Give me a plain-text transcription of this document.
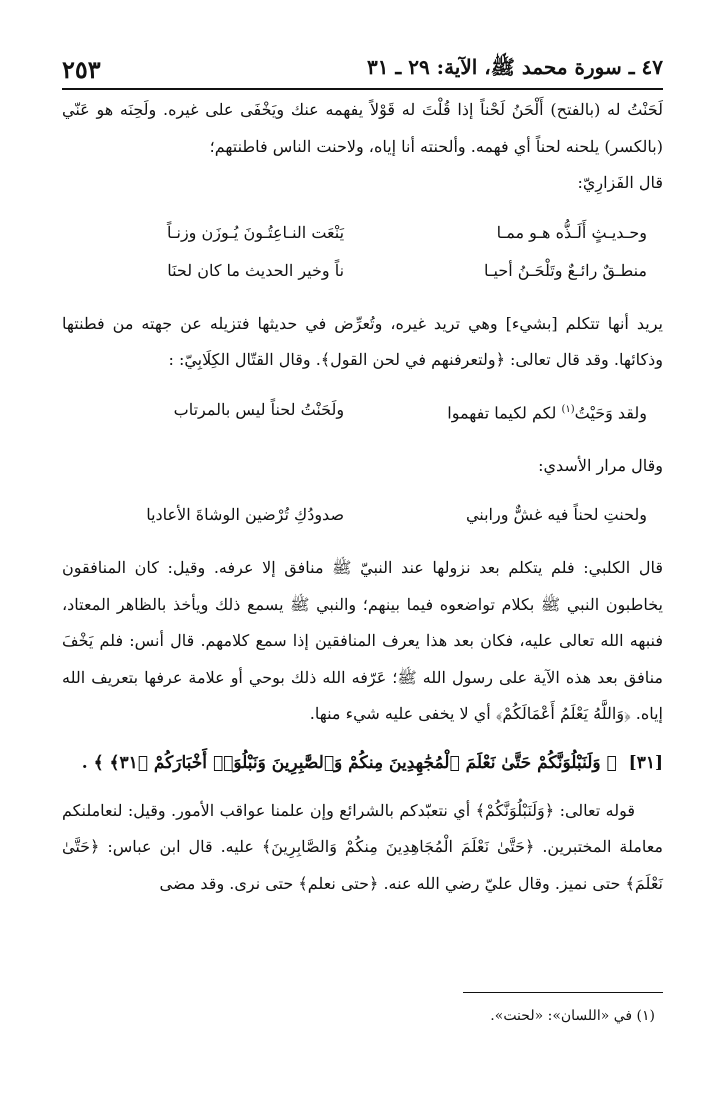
٤٧ ـ سورة محمد ﷺ، الآية: ٢٩ ـ ٣١
٢٥٣

لَحَنْتُ له (بالفتح) أَلْحَنُ لَحْناً إذا قُلْتَ له قَوْلاً يفهمه عنك ويَخْفَى على غيره. ولَحِنَه هو عَنّي (بالكسر) يلحنه لحناً أي فهمه. وألحنته أنا إياه، ولاحنت الناس فاطنتهم؛

قال الفَزارِيّ:

وحـديـثٍ أَلَـذُّه هـو ممـا
يَنْعَت النـاعِتُـونَ يُـوزَن وزنـاً
منطـقٌ رائـعٌ وتَلْحَـنُ أحيـا
ناً وخير الحديث ما كان لحنَا

يريد أنها تتكلم [بشيء] وهي تريد غيره، وتُعرِّض في حديثها فتزيله عن جهته من فطنتها وذكائها. وقد قال تعالى: ﴿ولتعرفنهم في لحن القول﴾. وقال القتّال الكِلَابِيّ: :

ولقد وَحَيْتُ$^{(١)}$ لكم لكيما تفهموا
ولَحَنْتُ لحناً ليس بالمرتاب

وقال مرار الأسدي:

ولحنتِ لحناً فيه غشٌّ ورابني
صدودُكِ تُرْضين الوشاةَ الأعاديا

قال الكلبي: فلم يتكلم بعد نزولها عند النبيّ ﷺ منافق إلا عرفه. وقيل: كان المنافقون يخاطبون النبي ﷺ بكلام تواضعوه فيما بينهم؛ والنبي ﷺ يسمع ذلك ويأخذ بالظاهر المعتاد، فنبهه الله تعالى عليه، فكان بعد هذا يعرف المنافقين إذا سمع كلامهم. قال أنس: فلم يَخْفَ منافق بعد هذه الآية على رسول الله ﷺ؛ عَرّفه الله ذلك بوحي أو علامة عرفها بتعريف الله إياه. ﴿وَاللَّهُ يَعْلَمُ أَعْمَالَكُمْ﴾ أي لا يخفى عليه شيء منها.

[٣١] ﴿ وَلَنَبْلُوَنَّكُمْ حَتَّىٰ نَعْلَمَ ٱلْمُجَٰهِدِينَ مِنكُمْ وَٱلصَّٰبِرِينَ وَنَبْلُوَا۟ أَخْبَارَكُمْ ﴿٣١﴾ ﴾ .

قوله تعالى: ﴿وَلَنَبْلُوَنَّكُمْ﴾ أي نتعبّدكم بالشرائع وإن علمنا عواقب الأمور. وقيل: لنعاملنكم معاملة المختبرين. ﴿حَتَّىٰ نَعْلَمَ الْمُجَاهِدِينَ مِنكُمْ وَالصَّابِرِينَ﴾ عليه. قال ابن عباس: ﴿حَتَّىٰ نَعْلَمَ﴾ حتى نميز. وقال عليّ رضي الله عنه. ﴿حتى نعلم﴾ حتى نرى. وقد مضى

(١) في «اللسان»: «لحنت».
